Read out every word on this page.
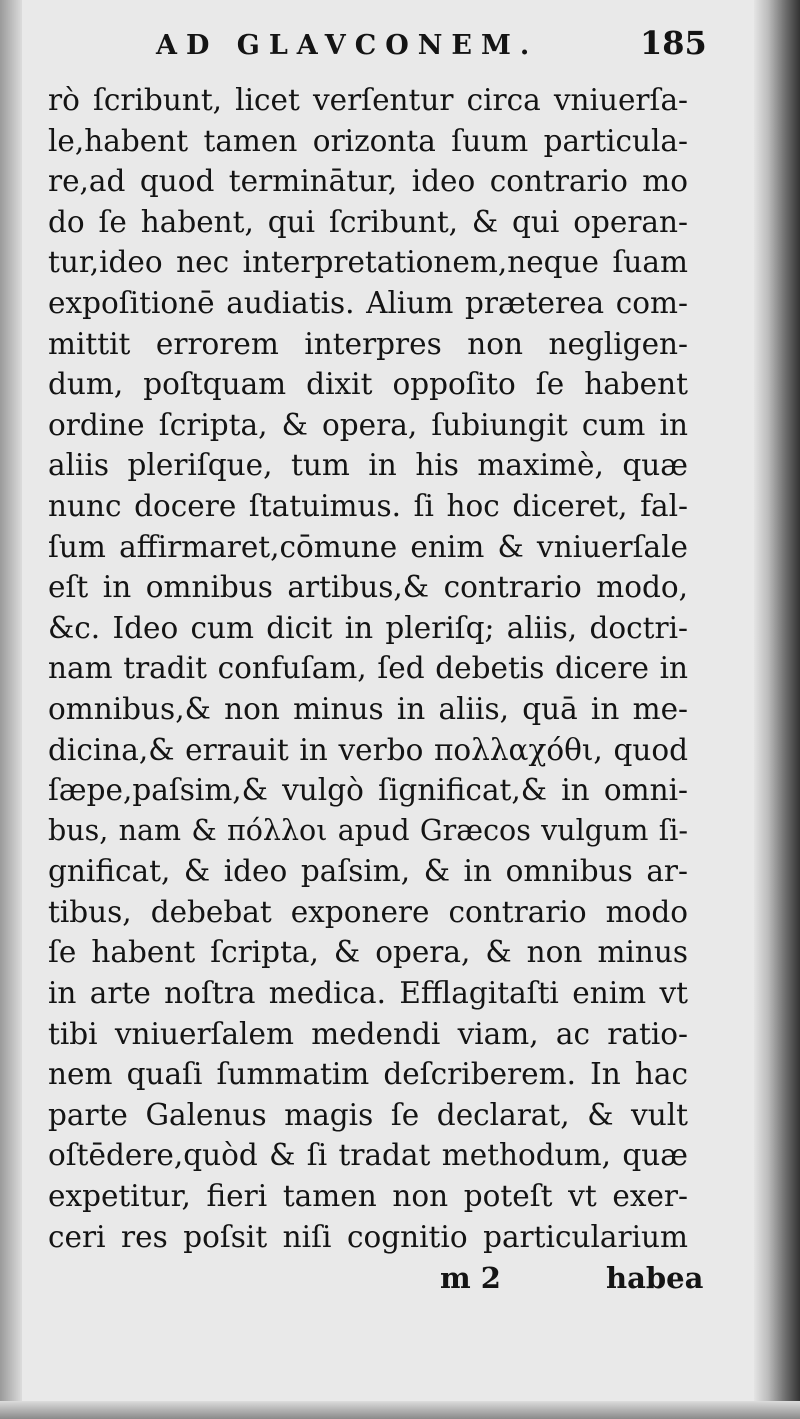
AD GLAVCONEM.	185
rò ſcribunt, licet verſentur circa vniuerſa-
le,habent tamen orizonta ſuum particula-
re,ad quod terminātur, ideo contrario mo
do ſe habent, qui ſcribunt, & qui operan-
tur,ideo nec interpretationem,neque ſuam
expoſitionē audiatis. Alium præterea com-
mittit errorem interpres non negligen-
dum, poſtquam dixit oppoſito ſe habent
ordine ſcripta, & opera, ſubiungit cum in
aliis pleriſque, tum in his maximè, quæ
nunc docere ſtatuimus. ſi hoc diceret, fal-
ſum affirmaret,cōmune enim & vniuerſale
eſt in omnibus artibus,& contrario modo,
&c. Ideo cum dicit in pleriſq; aliis, doctri-
nam tradit confuſam, ſed debetis dicere in
omnibus,& non minus in aliis, quā in me-
dicina,& errauit in verbo πολλαχόθι, quod
ſæpe,paſsim,& vulgò ſignificat,& in omni-
bus, nam & πόλλοι apud Græcos vulgum ſi-
gnificat, & ideo paſsim, & in omnibus ar-
tibus, debebat exponere contrario modo
ſe habent ſcripta, & opera, & non minus
in arte noſtra medica. Efflagitaſti enim vt
tibi vniuerſalem medendi viam, ac ratio-
nem quaſi ſummatim deſcriberem. In hac
parte Galenus magis ſe declarat, & vult
oſtēdere,quòd & ſi tradat methodum, quæ
expetitur, fieri tamen non poteſt vt exer-
ceri res poſsit niſi cognitio particularium
m 2	habea
